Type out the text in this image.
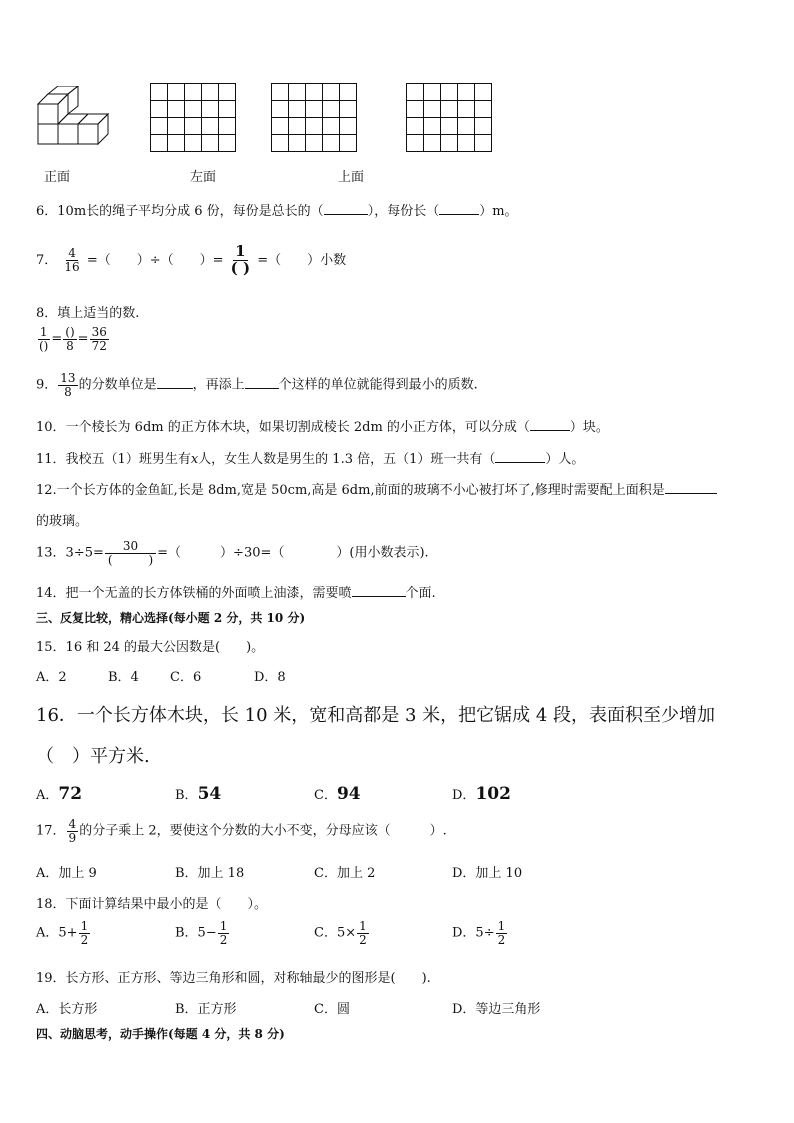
正面	左面	上面
6．10m长的绳子平均分成 6 份，每份是总长的（	），每份长（	）m。
7． $\frac{4}{16}$ =（　　）÷（　　）= $\frac{1}{( )}$ =（　　）小数
8．填上适当的数.
$\frac{1}{()} = \frac{()}{8} = \frac{36}{72}$
9． $\frac{13}{8}$ 的分数单位是	，再添上	个这样的单位就能得到最小的质数.
10．一个棱长为 6dm 的正方体木块，如果切割成棱长 2dm 的小正方体，可以分成（	）块。
11．我校五（1）班男生有x人，女生人数是男生的 1.3 倍，五（1）班一共有（	）人。
12.一个长方体的金鱼缸,长是 8dm,宽是 50cm,高是 6dm,前面的玻璃不小心被打坏了,修理时需要配上面积是
的玻璃。
13．$3\div 5= \frac{30}{( )}$ =（　　　）÷30=（　　　　）(用小数表示).
14．把一个无盖的长方体铁桶的外面喷上油漆，需要喷	个面.
三、反复比较，精心选择(每小题 2 分，共 10 分)
15．16 和 24 的最大公因数是(　　)。
A．2	B．4 C．6	D．8
16．一个长方体木块，长 10 米，宽和高都是 3 米，把它锯成 4 段，表面积至少增加
（　）平方米.
A．72	B．54	C．94	D．102
17． $\frac{4}{9}$ 的分子乘上 2，要使这个分数的大小不变，分母应该（　　　）.
A．加上 9	B．加上 18	C．加上 2	D．加上 10
18．下面计算结果中最小的是（　　）。
A．$5+ \frac{1}{2}$	B．$5- \frac{1}{2}$	C．$5\times \frac{1}{2}$	D．$5\div \frac{1}{2}$
19．长方形、正方形、等边三角形和圆，对称轴最少的图形是(　　).
A．长方形	B．正方形	C．圆	D．等边三角形
四、动脑思考，动手操作(每题 4 分，共 8 分)
